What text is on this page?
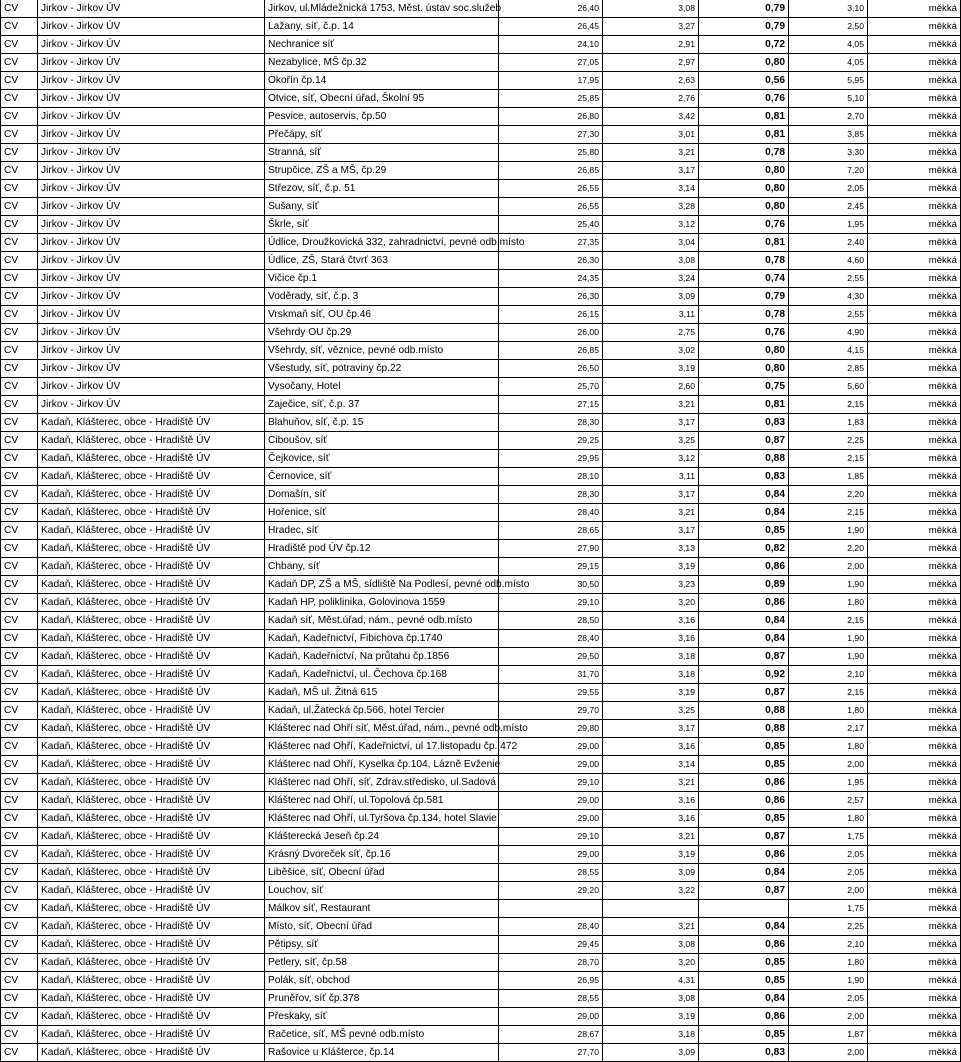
CV	Jirkov - Jirkov ÚV	Jirkov, ul.Mládežnická 1753, Měst. ústav soc.služeb	26,40	3,08	0,79	3,10	měkká
CV	Jirkov - Jirkov ÚV	Lažany, síť, č.p. 14	26,45	3,27	0,79	2,50	měkká
CV	Jirkov - Jirkov ÚV	Nechranice síť	24,10	2,91	0,72	4,05	měkká
CV	Jirkov - Jirkov ÚV	Nezabylice, MŠ čp.32	27,05	2,97	0,80	4,05	měkká
CV	Jirkov - Jirkov ÚV	Okořín čp.14	17,95	2,63	0,56	5,95	měkká
CV	Jirkov - Jirkov ÚV	Otvice, síť, Obecní úřad, Školní 95	25,85	2,76	0,76	5,10	měkká
CV	Jirkov - Jirkov ÚV	Pesvice, autoservis, čp.50	26,80	3,42	0,81	2,70	měkká
CV	Jirkov - Jirkov ÚV	Přečápy, síť	27,30	3,01	0,81	3,85	měkká
CV	Jirkov - Jirkov ÚV	Stranná, síť	25,80	3,21	0,78	3,30	měkká
CV	Jirkov - Jirkov ÚV	Strupčice, ZŠ a MŠ, čp.29	26,85	3,17	0,80	7,20	měkká
CV	Jirkov - Jirkov ÚV	Střezov, síť, č.p. 51	26,55	3,14	0,80	2,05	měkká
CV	Jirkov - Jirkov ÚV	Sušany, síť	26,55	3,28	0,80	2,45	měkká
CV	Jirkov - Jirkov ÚV	Škrle, síť	25,40	3,12	0,76	1,95	měkká
CV	Jirkov - Jirkov ÚV	Údlice, Droužkovická 332, zahradnictví, pevné odb.místo	27,35	3,04	0,81	2,40	měkká
CV	Jirkov - Jirkov ÚV	Údlice, ZŠ, Stará čtvrť 363	26,30	3,08	0,78	4,60	měkká
CV	Jirkov - Jirkov ÚV	Vičice čp.1	24,35	3,24	0,74	2,55	měkká
CV	Jirkov - Jirkov ÚV	Voděrady, síť, č.p. 3	26,30	3,09	0,79	4,30	měkká
CV	Jirkov - Jirkov ÚV	Vrskmaň síť, OU čp.46	26,15	3,11	0,78	2,55	měkká
CV	Jirkov - Jirkov ÚV	Všehrdy OU čp.29	26,00	2,75	0,76	4,90	měkká
CV	Jirkov - Jirkov ÚV	Všehrdy, síť, věznice, pevné odb.místo	26,85	3,02	0,80	4,15	měkká
CV	Jirkov - Jirkov ÚV	Všestudy, síť, potraviny čp.22	26,50	3,19	0,80	2,85	měkká
CV	Jirkov - Jirkov ÚV	Vysočany, Hotel	25,70	2,60	0,75	5,60	měkká
CV	Jirkov - Jirkov ÚV	Zaječice, síť, č.p. 37	27,15	3,21	0,81	2,15	měkká
CV	Kadaň, Klášterec, obce - Hradiště ÚV	Blahuňov, síť, č.p. 15	28,30	3,17	0,83	1,83	měkká
CV	Kadaň, Klášterec, obce - Hradiště ÚV	Ciboušov, síť	29,25	3,25	0,87	2,25	měkká
CV	Kadaň, Klášterec, obce - Hradiště ÚV	Čejkovice, síť	29,95	3,12	0,88	2,15	měkká
CV	Kadaň, Klášterec, obce - Hradiště ÚV	Černovice, síť	28,10	3,11	0,83	1,85	měkká
CV	Kadaň, Klášterec, obce - Hradiště ÚV	Domašín, síť	28,30	3,17	0,84	2,20	měkká
CV	Kadaň, Klášterec, obce - Hradiště ÚV	Hořenice, síť	28,40	3,21	0,84	2,15	měkká
CV	Kadaň, Klášterec, obce - Hradiště ÚV	Hradec, síť	28,65	3,17	0,85	1,90	měkká
CV	Kadaň, Klášterec, obce - Hradiště ÚV	Hradiště pod ÚV čp.12	27,90	3,13	0,82	2,20	měkká
CV	Kadaň, Klášterec, obce - Hradiště ÚV	Chbany, síť	29,15	3,19	0,86	2,00	měkká
CV	Kadaň, Klášterec, obce - Hradiště ÚV	Kadaň DP, ZŠ a MŠ, sídliště Na Podlesí, pevné odb.místo	30,50	3,23	0,89	1,90	měkká
CV	Kadaň, Klášterec, obce - Hradiště ÚV	Kadaň HP, poliklinika, Golovinova 1559	29,10	3,20	0,86	1,80	měkká
CV	Kadaň, Klášterec, obce - Hradiště ÚV	Kadaň síť, Měst.úřad, nám., pevné odb.místo	28,50	3,16	0,84	2,15	měkká
CV	Kadaň, Klášterec, obce - Hradiště ÚV	Kadaň, Kadeřnictví, Fibichova čp.1740	28,40	3,16	0,84	1,90	měkká
CV	Kadaň, Klášterec, obce - Hradiště ÚV	Kadaň, Kadeřnictví, Na průtahu čp.1856	29,50	3,18	0,87	1,90	měkká
CV	Kadaň, Klášterec, obce - Hradiště ÚV	Kadaň, Kadeřnictví, ul. Čechova čp.168	31,70	3,18	0,92	2,10	měkká
CV	Kadaň, Klášterec, obce - Hradiště ÚV	Kadaň, MŠ ul. Žitná 615	29,55	3,19	0,87	2,15	měkká
CV	Kadaň, Klášterec, obce - Hradiště ÚV	Kadaň, ul.Žatecká čp.566, hotel Tercier	29,70	3,25	0,88	1,80	měkká
CV	Kadaň, Klášterec, obce - Hradiště ÚV	Klášterec nad Ohří síť, Měst.úřad, nám., pevné odb.místo	29,80	3,17	0,88	2,17	měkká
CV	Kadaň, Klášterec, obce - Hradiště ÚV	Klášterec nad Ohří, Kadeřnictví, ul 17.listopadu čp. 472	29,00	3,16	0,85	1,80	měkká
CV	Kadaň, Klášterec, obce - Hradiště ÚV	Klášterec nad Ohří, Kyselka čp.104, Lázně Evženie	29,00	3,14	0,85	2,00	měkká
CV	Kadaň, Klášterec, obce - Hradiště ÚV	Klášterec nad Ohří, síť, Zdrav.středisko, ul.Sadová	29,10	3,21	0,86	1,95	měkká
CV	Kadaň, Klášterec, obce - Hradiště ÚV	Klášterec nad Ohří, ul.Topolová čp.581	29,00	3,16	0,86	2,57	měkká
CV	Kadaň, Klášterec, obce - Hradiště ÚV	Klášterec nad Ohří, ul.Tyršova čp.134, hotel Slavie	29,00	3,16	0,85	1,80	měkká
CV	Kadaň, Klášterec, obce - Hradiště ÚV	Klášterecká Jeseň čp.24	29,10	3,21	0,87	1,75	měkká
CV	Kadaň, Klášterec, obce - Hradiště ÚV	Krásný Dvoreček síť, čp.16	29,00	3,19	0,86	2,05	měkká
CV	Kadaň, Klášterec, obce - Hradiště ÚV	Liběšice, síť, Obecní úřad	28,55	3,09	0,84	2,05	měkká
CV	Kadaň, Klášterec, obce - Hradiště ÚV	Louchov, síť	29,20	3,22	0,87	2,00	měkká
CV	Kadaň, Klášterec, obce - Hradiště ÚV	Málkov síť, Restaurant				1,75	měkká
CV	Kadaň, Klášterec, obce - Hradiště ÚV	Místo, síť, Obecní úřad	28,40	3,21	0,84	2,25	měkká
CV	Kadaň, Klášterec, obce - Hradiště ÚV	Pětipsy, síť	29,45	3,08	0,86	2,10	měkká
CV	Kadaň, Klášterec, obce - Hradiště ÚV	Petlery, síť, čp.58	28,70	3,20	0,85	1,80	měkká
CV	Kadaň, Klášterec, obce - Hradiště ÚV	Polák, síť, obchod	26,95	4,31	0,85	1,90	měkká
CV	Kadaň, Klášterec, obce - Hradiště ÚV	Pruněřov, síť čp.378	28,55	3,08	0,84	2,05	měkká
CV	Kadaň, Klášterec, obce - Hradiště ÚV	Přeskaky, síť	29,00	3,19	0,86	2,00	měkká
CV	Kadaň, Klášterec, obce - Hradiště ÚV	Račetice, síť, MŠ pevné odb.místo	28,67	3,18	0,85	1,87	měkká
CV	Kadaň, Klášterec, obce - Hradiště ÚV	Rašovice u Klášterce, čp.14	27,70	3,09	0,83	2,00	měkká
